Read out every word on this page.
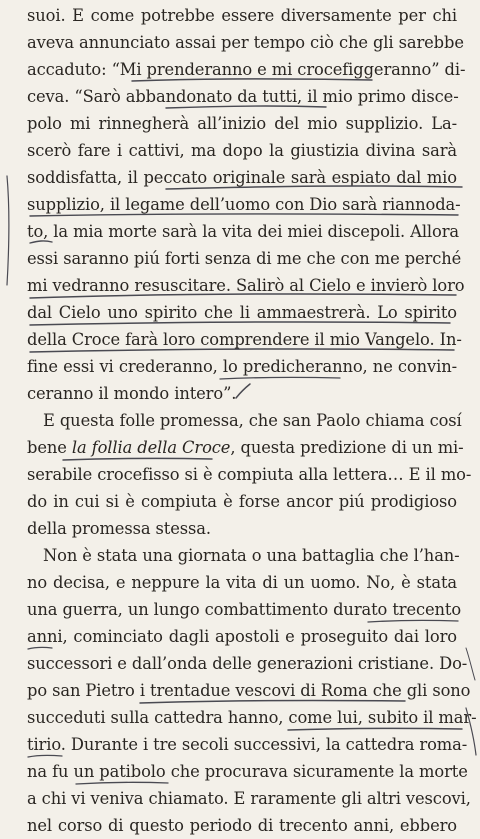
suoi. E come potrebbe essere diversamente per chi
aveva annunciato assai per tempo ciò che gli sarebbe
accaduto: “Mi prenderanno e mi crocefiggeranno” di-
ceva. “Sarò abbandonato da tutti, il mio primo disce-
polo mi rinnegherà all’inizio del mio supplizio. La-
scerò fare i cattivi, ma dopo la giustizia divina sarà
soddisfatta, il peccato originale sarà espiato dal mio
supplizio, il legame dell’uomo con Dio sarà riannoda-
to, la mia morte sarà la vita dei miei discepoli. Allora
essi saranno piú forti senza di me che con me perché
mi vedranno resuscitare. Salirò al Cielo e invierò loro
dal Cielo uno spirito che li ammaestrerà. Lo spirito
della Croce farà loro comprendere il mio Vangelo. In-
fine essi vi crederanno, lo predicheranno, ne convin-
ceranno il mondo intero”.
E questa folle promessa, che san Paolo chiama cosí
bene la follia della Croce, questa predizione di un mi-
serabile crocefisso si è compiuta alla lettera… E il mo-
do in cui si è compiuta è forse ancor piú prodigioso
della promessa stessa.
Non è stata una giornata o una battaglia che l’han-
no decisa, e neppure la vita di un uomo. No, è stata
una guerra, un lungo combattimento durato trecento
anni, cominciato dagli apostoli e proseguito dai loro
successori e dall’onda delle generazioni cristiane. Do-
po san Pietro i trentadue vescovi di Roma che gli sono
succeduti sulla cattedra hanno, come lui, subito il mar-
tirio. Durante i tre secoli successivi, la cattedra roma-
na fu un patibolo che procurava sicuramente la morte
a chi vi veniva chiamato. E raramente gli altri vescovi,
nel corso di questo periodo di trecento anni, ebbero
